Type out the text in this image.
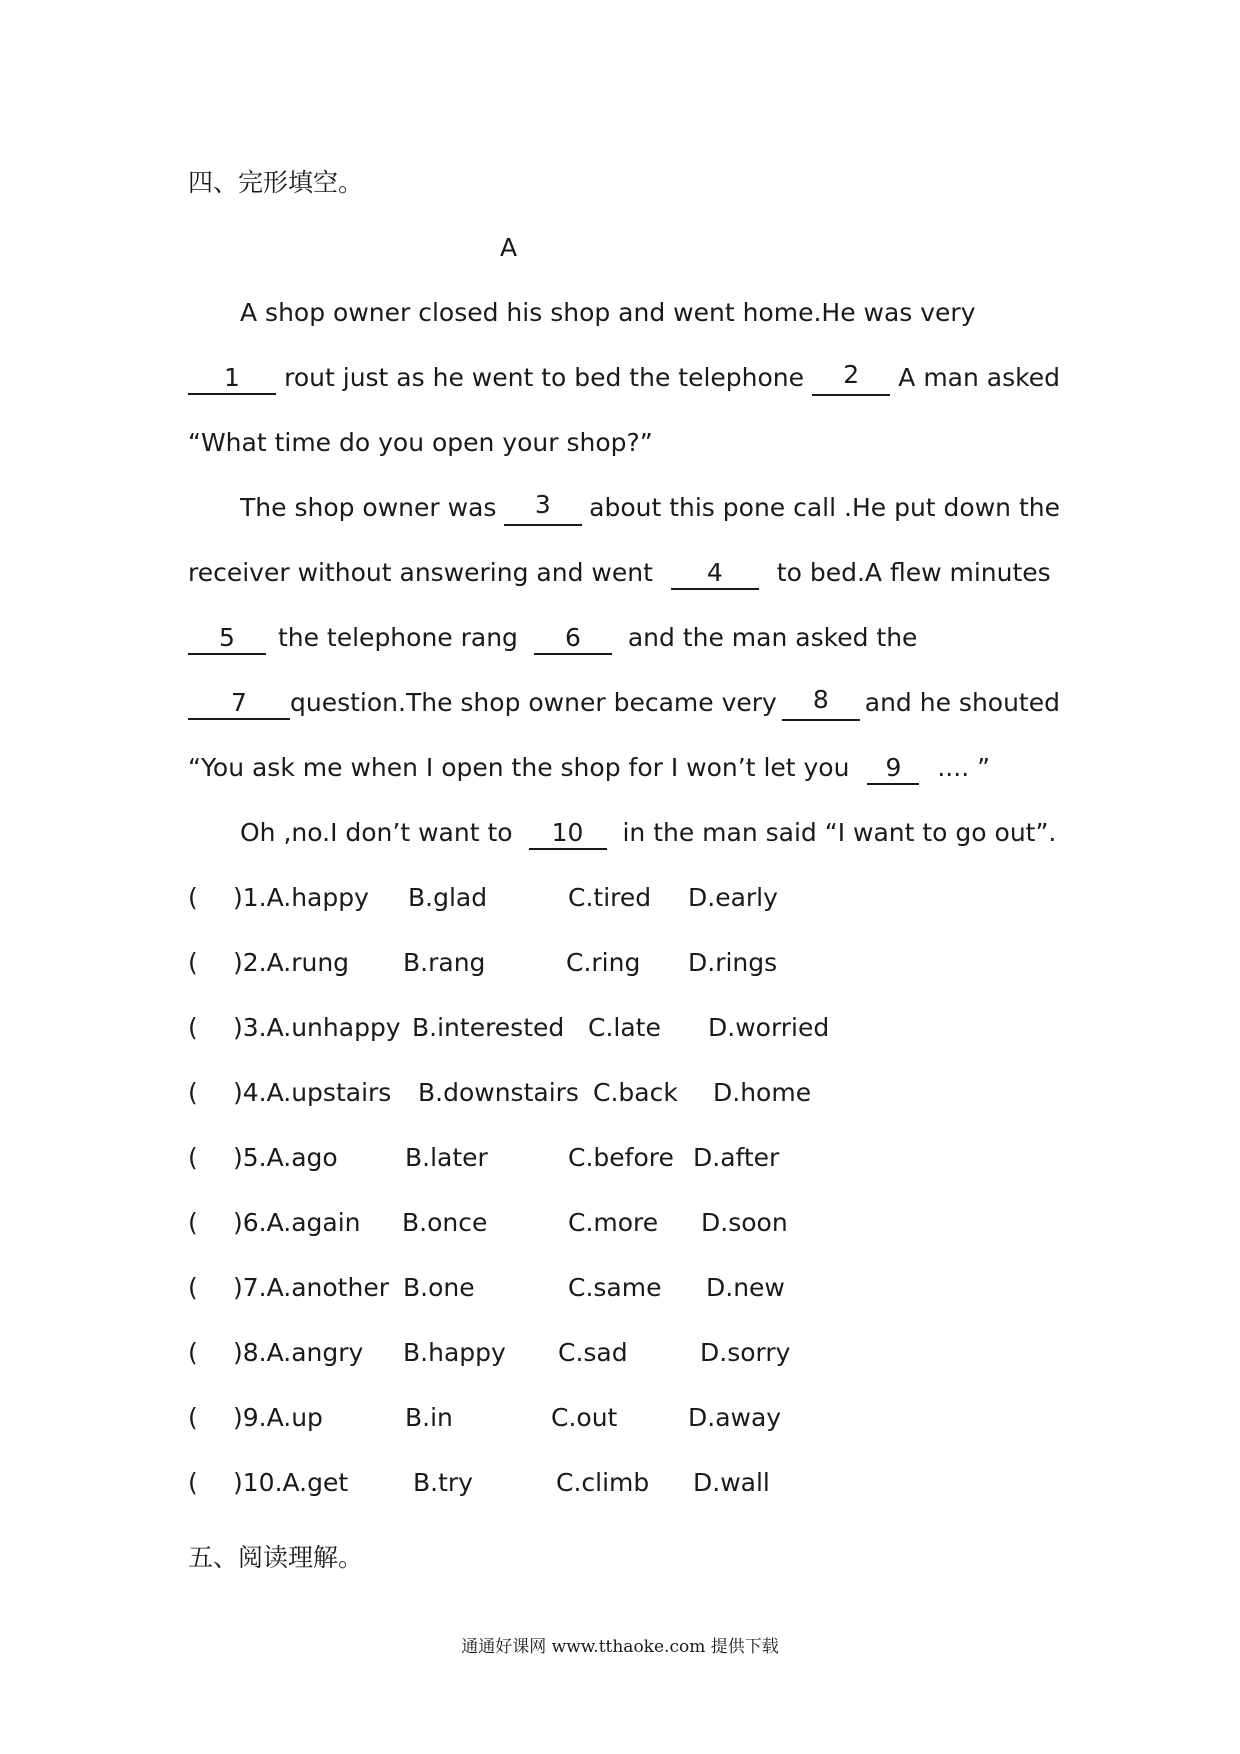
四、完形填空。
A
A shop owner closed his shop and went home.He was very
1	rout just as he went to bed the telephone	2	A man asked
“What time do you open your shop?”
The shop owner was	3	about this pone call .He put down the
receiver without answering and went 4 to bed.A flew minutes
5 the telephone rang 6 and the man asked the
7 question.The shop owner became very	8	and he shouted
“You ask me when I open the shop for I won’t let you 9 .... ”
Oh ,no.I don’t want to 10 in the man said “I want to go out”.
( )1.A.happy B.glad	C.tired D.early
( )2.A.rung B.rang	C.ring D.rings
( )3.A.unhappy B.interested C.late D.worried
( )4.A.upstairs B.downstairs C.back D.home
( )5.A.ago	B.later	C.before D.after
( )6.A.again B.once	C.more D.soon
( )7.A.another B.one	C.same D.new
( )8.A.angry B.happy C.sad	D.sorry
( )9.A.up	B.in	C.out	D.away
( )10.A.get	B.try	C.climb D.wall
五、阅读理解。
通通好课网 www.tthaoke.com 提供下载
